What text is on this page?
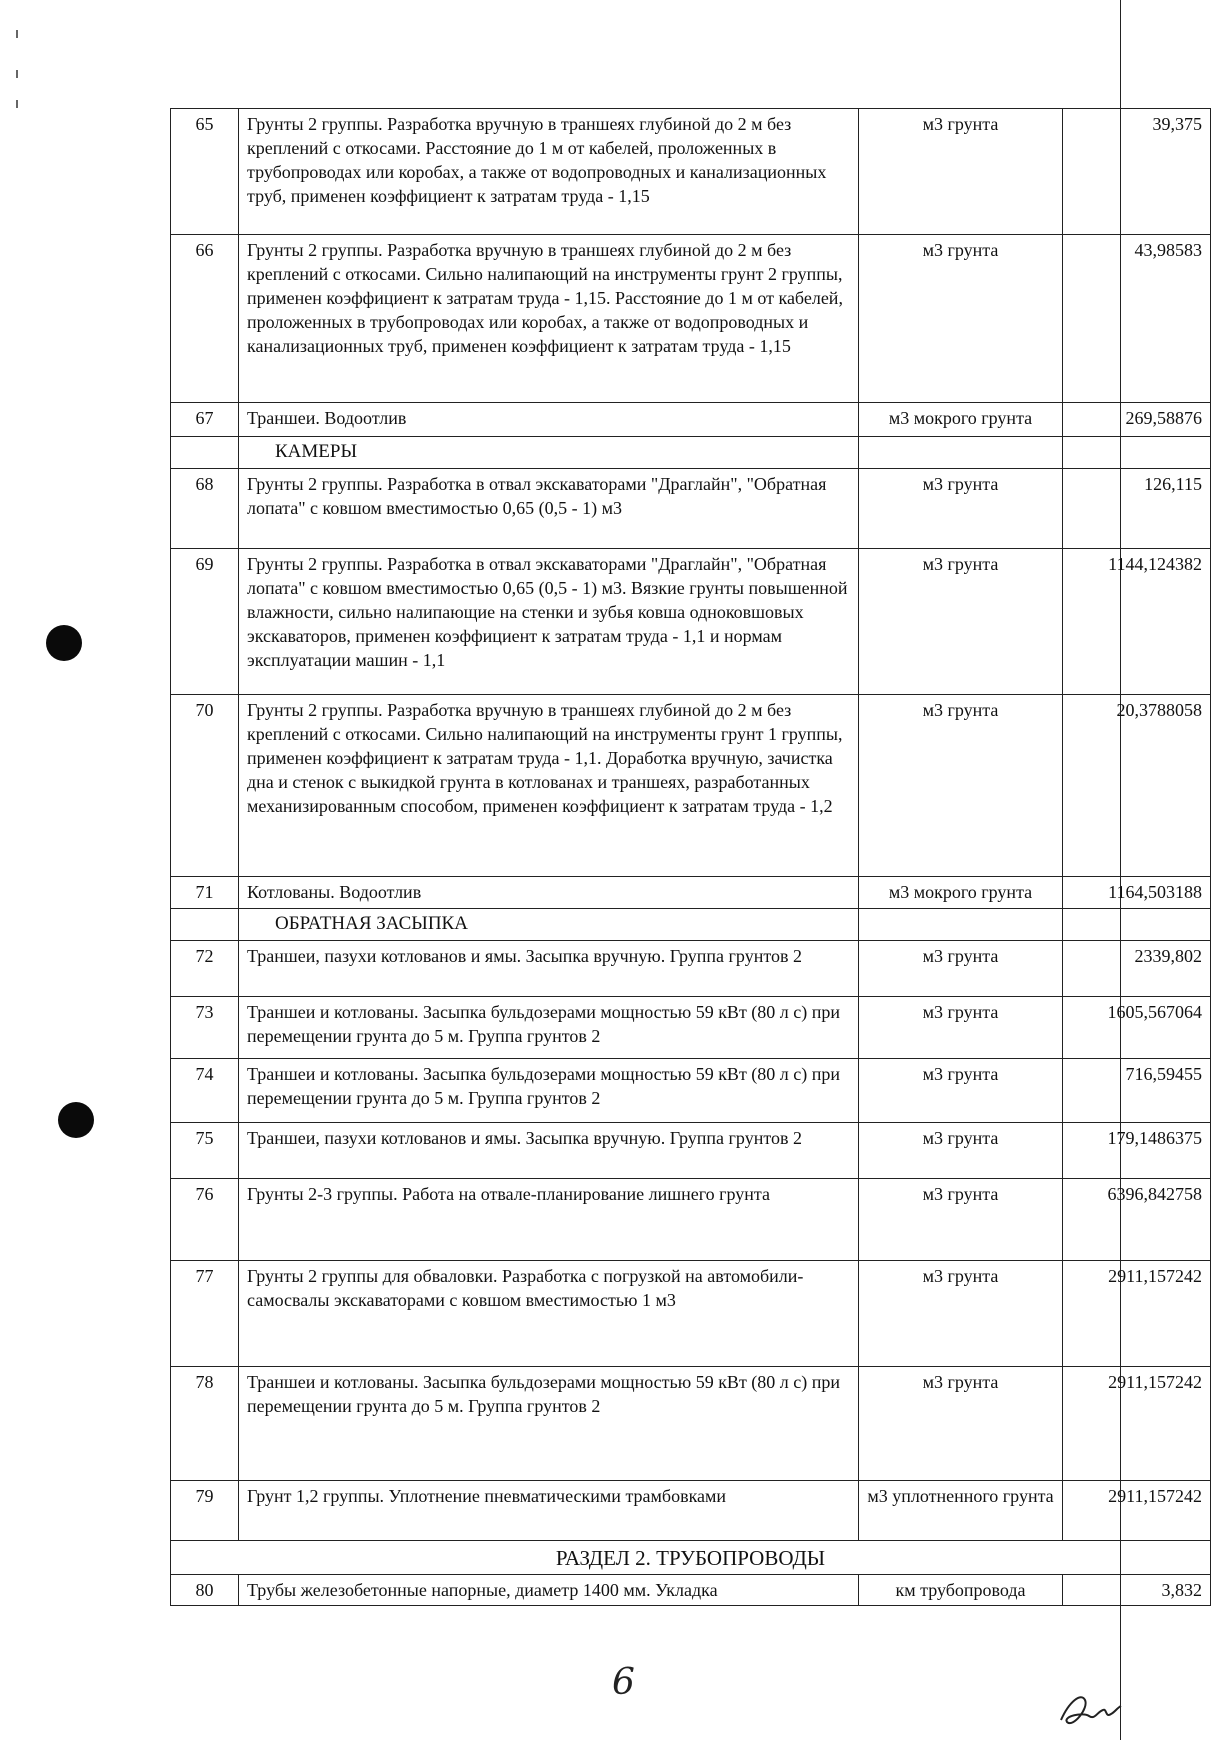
65	Грунты 2 группы. Разработка вручную в траншеях глубиной до 2 м без креплений с откосами. Расстояние до 1 м от кабелей, проложенных в трубопроводах или коробах, а также от водопроводных и канализационных труб, применен коэффициент к затратам труда - 1,15	м3 грунта	39,375
66	Грунты 2 группы. Разработка вручную в траншеях глубиной до 2 м без креплений с откосами. Сильно налипающий на инструменты грунт 2 группы, применен коэффициент к затратам труда - 1,15. Расстояние до 1 м от кабелей, проложенных в трубопроводах или коробах, а также от водопроводных и канализационных труб, применен коэффициент к затратам труда - 1,15	м3 грунта	43,98583
67	Траншеи. Водоотлив	м3 мокрого грунта	269,58876
	КАМЕРЫ		
68	Грунты 2 группы. Разработка в отвал экскаваторами "Драглайн", "Обратная лопата" с ковшом вместимостью 0,65 (0,5 - 1) м3	м3 грунта	126,115
69	Грунты 2 группы. Разработка в отвал экскаваторами "Драглайн", "Обратная лопата" с ковшом вместимостью 0,65 (0,5 - 1) м3. Вязкие грунты повышенной влажности, сильно налипающие на стенки и зубья ковша одноковшовых экскаваторов, применен коэффициент к затратам труда - 1,1 и нормам эксплуатации машин - 1,1	м3 грунта	1144,124382
70	Грунты 2 группы. Разработка вручную в траншеях глубиной до 2 м без креплений с откосами. Сильно налипающий на инструменты грунт 1 группы, применен коэффициент к затратам труда - 1,1. Доработка вручную, зачистка дна и стенок с выкидкой грунта в котлованах и траншеях, разработанных механизированным способом, применен коэффициент к затратам труда - 1,2	м3 грунта	20,3788058
71	Котлованы. Водоотлив	м3 мокрого грунта	1164,503188
	ОБРАТНАЯ ЗАСЫПКА		
72	Траншеи, пазухи котлованов и ямы. Засыпка вручную. Группа грунтов 2	м3 грунта	2339,802
73	Траншеи и котлованы. Засыпка бульдозерами мощностью 59 кВт (80 л с) при перемещении грунта до 5 м. Группа грунтов 2	м3 грунта	1605,567064
74	Траншеи и котлованы. Засыпка бульдозерами мощностью 59 кВт (80 л с) при перемещении грунта до 5 м. Группа грунтов 2	м3 грунта	716,59455
75	Траншеи, пазухи котлованов и ямы. Засыпка вручную. Группа грунтов 2	м3 грунта	179,1486375
76	Грунты 2-3 группы. Работа на отвале-планирование лишнего грунта	м3 грунта	6396,842758
77	Грунты 2 группы для обваловки. Разработка с погрузкой на автомобили-самосвалы экскаваторами с ковшом вместимостью 1 м3	м3 грунта	2911,157242
78	Траншеи и котлованы. Засыпка бульдозерами мощностью 59 кВт (80 л с) при перемещении грунта до 5 м. Группа грунтов 2	м3 грунта	2911,157242
79	Грунт 1,2 группы. Уплотнение пневматическими трамбовками	м3 уплотненного грунта	2911,157242
РАЗДЕЛ 2. ТРУБОПРОВОДЫ			
80	Трубы железобетонные напорные, диаметр 1400 мм. Укладка	км трубопровода	3,832
6
